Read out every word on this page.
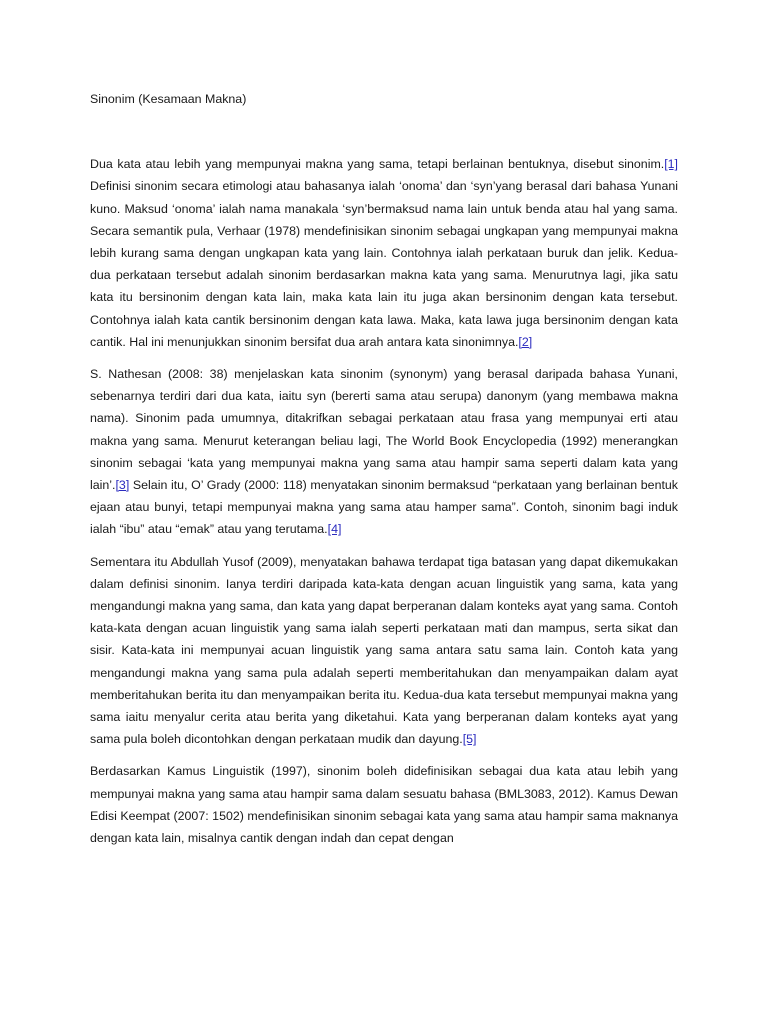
Sinonim (Kesamaan Makna)

Dua kata atau lebih yang mempunyai makna yang sama, tetapi berlainan bentuknya, disebut sinonim.[1] Definisi sinonim secara etimologi atau bahasanya ialah ‘onoma’ dan ‘syn’yang berasal dari bahasa Yunani kuno. Maksud ‘onoma’ ialah nama manakala ‘syn’bermaksud nama lain untuk benda atau hal yang sama. Secara semantik pula, Verhaar (1978) mendefinisikan sinonim sebagai ungkapan yang mempunyai makna lebih kurang sama dengan ungkapan kata yang lain. Contohnya ialah perkataan buruk dan jelik. Kedua-dua perkataan tersebut adalah sinonim berdasarkan makna kata yang sama. Menurutnya lagi, jika satu kata itu bersinonim dengan kata lain, maka kata lain itu juga akan bersinonim dengan kata tersebut. Contohnya ialah kata cantik bersinonim dengan kata lawa. Maka, kata lawa juga bersinonim dengan kata cantik. Hal ini menunjukkan sinonim bersifat dua arah antara kata sinonimnya.[2]

S. Nathesan (2008: 38) menjelaskan kata sinonim (synonym) yang berasal daripada bahasa Yunani, sebenarnya terdiri dari dua kata, iaitu syn (bererti sama atau serupa) danonym (yang membawa makna nama). Sinonim pada umumnya, ditakrifkan sebagai perkataan atau frasa yang mempunyai erti atau makna yang sama. Menurut keterangan beliau lagi, The World Book Encyclopedia (1992) menerangkan sinonim sebagai ‘kata yang mempunyai makna yang sama atau hampir sama seperti dalam kata yang lain’.[3] Selain itu, O’ Grady (2000: 118) menyatakan sinonim bermaksud “perkataan yang berlainan bentuk ejaan atau bunyi, tetapi mempunyai makna yang sama atau hamper sama”. Contoh, sinonim bagi induk ialah “ibu” atau “emak” atau yang terutama.[4]

Sementara itu Abdullah Yusof (2009), menyatakan bahawa terdapat tiga batasan yang dapat dikemukakan dalam definisi sinonim. Ianya terdiri daripada kata-kata dengan acuan linguistik yang sama, kata yang mengandungi makna yang sama, dan kata yang dapat berperanan dalam konteks ayat yang sama. Contoh kata-kata dengan acuan linguistik yang sama ialah seperti perkataan mati dan mampus, serta sikat dan sisir. Kata-kata ini mempunyai acuan linguistik yang sama antara satu sama lain. Contoh kata yang mengandungi makna yang sama pula adalah seperti memberitahukan dan menyampaikan dalam ayat memberitahukan berita itu dan menyampaikan berita itu. Kedua-dua kata tersebut mempunyai makna yang sama iaitu menyalur cerita atau berita yang diketahui. Kata yang berperanan dalam konteks ayat yang sama pula boleh dicontohkan dengan perkataan mudik dan dayung.[5]

Berdasarkan Kamus Linguistik (1997), sinonim boleh didefinisikan sebagai dua kata atau lebih yang mempunyai makna yang sama atau hampir sama dalam sesuatu bahasa (BML3083, 2012). Kamus Dewan Edisi Keempat (2007: 1502) mendefinisikan sinonim sebagai kata yang sama atau hampir sama maknanya dengan kata lain, misalnya cantik dengan indah dan cepat dengan
